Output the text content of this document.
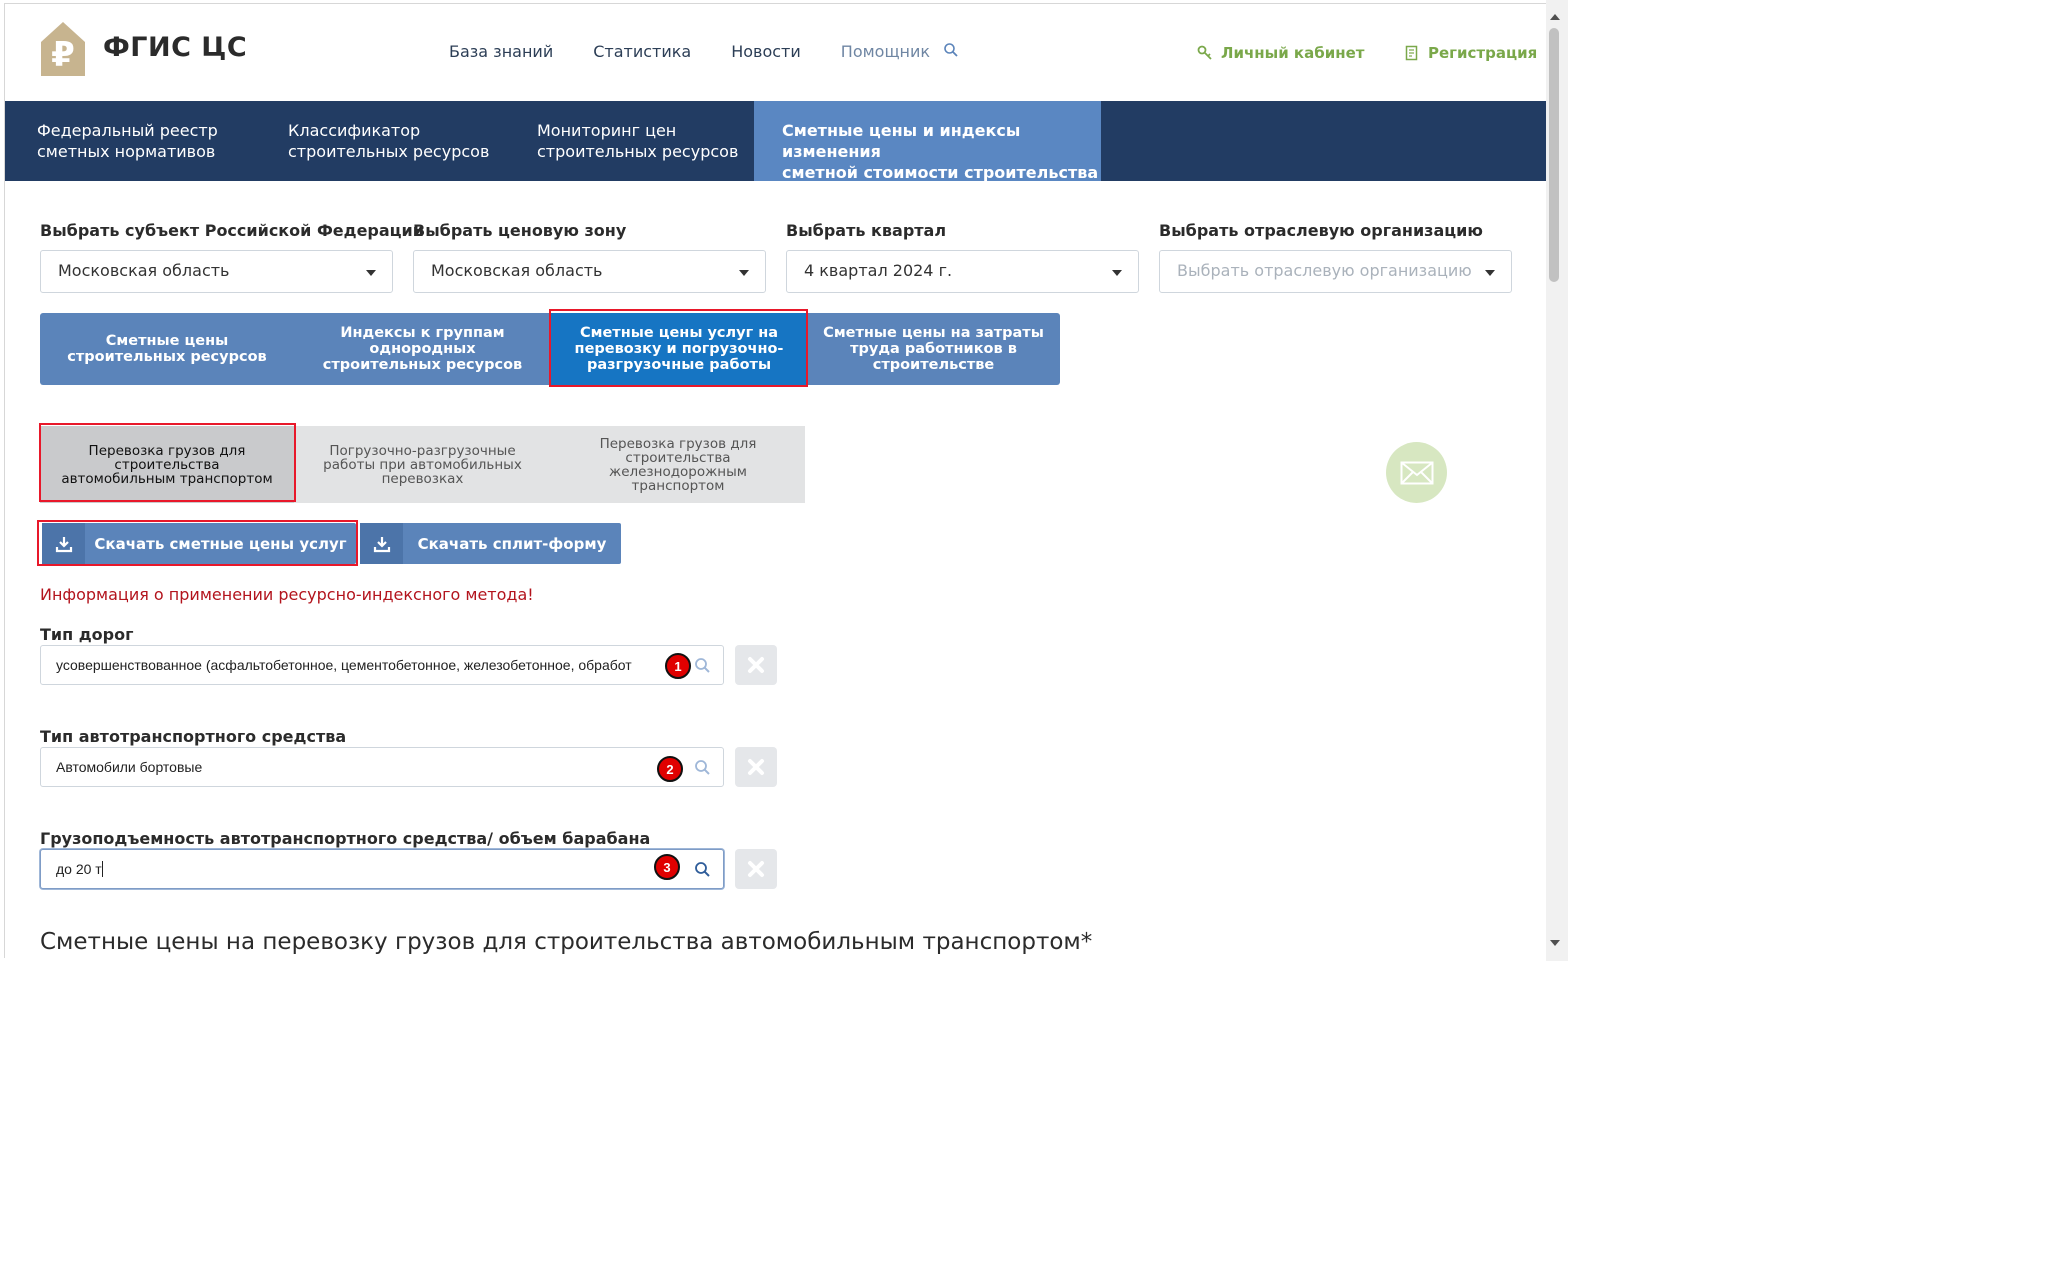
₽ ФГИС ЦС	База знаний	Статистика	Новости	Помощник	Личный кабинет	Регистрация
Федеральный реестр
сметных нормативов
Классификатор
строительных ресурсов
Мониторинг цен
строительных ресурсов
Сметные цены и индексы изменения
сметной стоимости строительства
Выбрать субъект Российской Федерации
Московская область
Выбрать ценовую зону
Московская область
Выбрать квартал
4 квартал 2024 г.
Выбрать отраслевую организацию
Выбрать отраслевую организацию
Сметные цены
строительных ресурсов
Индексы к группам
однородных
строительных ресурсов
Сметные цены услуг на
перевозку и погрузочно-
разгрузочные работы
Сметные цены на затраты
труда работников в
строительстве
Перевозка грузов для
строительства
автомобильным транспортом
Погрузочно-разгрузочные
работы при автомобильных
перевозках
Перевозка грузов для
строительства
железнодорожным
транспортом
Скачать сметные цены услуг	Скачать сплит-форму
Информация о применении ресурсно-индексного метода!
Тип дорог
усовершенствованное (асфальтобетонное, цементобетонное, железобетонное, обработ	1
Тип автотранспортного средства
Автомобили бортовые	2
Грузоподъемность автотранспортного средства/ объем барабана
до 20 т	3
Сметные цены на перевозку грузов для строительства автомобильным транспортом*
